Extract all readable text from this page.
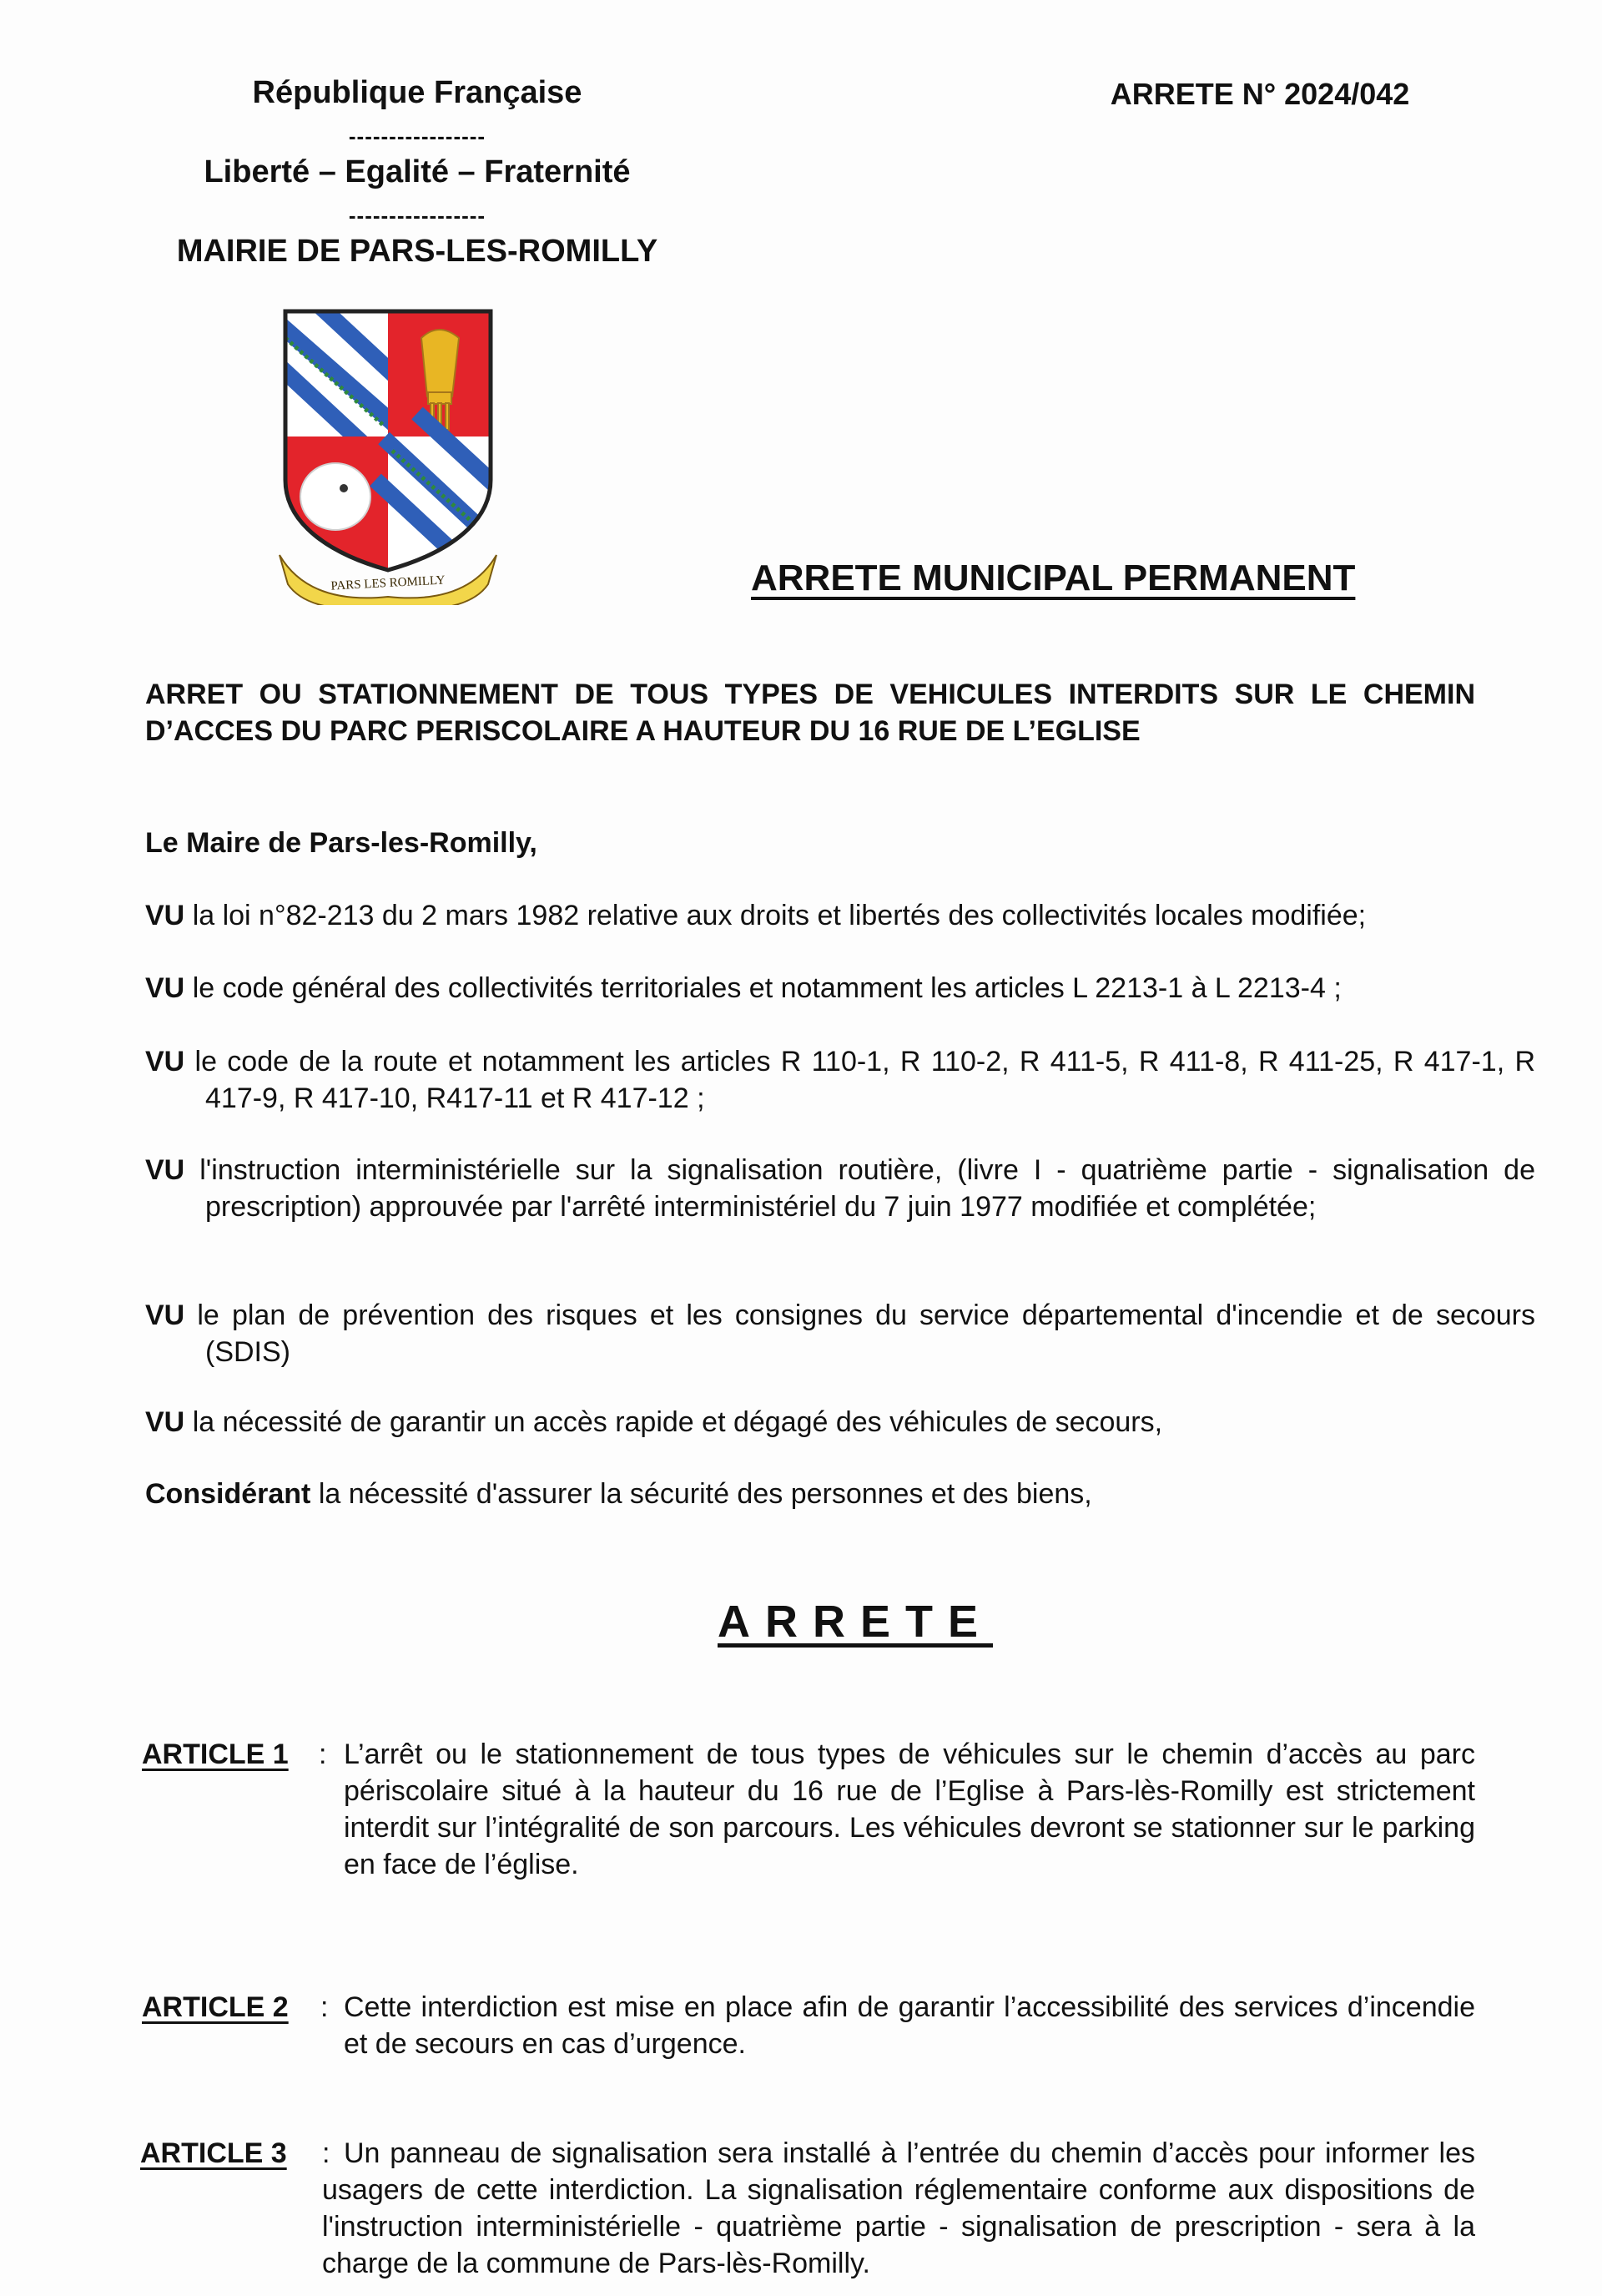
République Française
-----------------
Liberté – Egalité – Fraternité
-----------------
MAIRIE DE PARS-LES-ROMILLY
ARRETE N° 2024/042
PARS LES ROMILLY	ARRETE MUNICIPAL PERMANENT
ARRET OU STATIONNEMENT DE TOUS TYPES DE VEHICULES INTERDITS SUR LE CHEMIN D’ACCES DU PARC PERISCOLAIRE A HAUTEUR DU 16 RUE DE L’EGLISE
Le Maire de Pars-les-Romilly,
VU la loi n°82-213 du 2 mars 1982 relative aux droits et libertés des collectivités locales modifiée;
VU le code général des collectivités territoriales et notamment les articles L 2213-1 à L 2213-4 ;
VU le code de la route et notamment les articles R 110-1, R 110-2, R 411-5, R 411-8, R 411-25, R 417-1, R 417-9, R 417-10, R417-11 et R 417-12 ;
VU l'instruction interministérielle sur la signalisation routière, (livre I - quatrième partie - signalisation de prescription) approuvée par l'arrêté interministériel du 7 juin 1977 modifiée et complétée;
VU le plan de prévention des risques et les consignes du service départemental d'incendie et de secours (SDIS)
VU la nécessité de garantir un accès rapide et dégagé des véhicules de secours,
Considérant la nécessité d'assurer la sécurité des personnes et des biens,
ARRETE
ARTICLE 1 : L’arrêt ou le stationnement de tous types de véhicules sur le chemin d’accès au parc périscolaire situé à la hauteur du 16 rue de l’Eglise à Pars-lès-Romilly est strictement interdit sur l’intégralité de son parcours. Les véhicules devront se stationner sur le parking en face de l’église.
ARTICLE 2 : Cette interdiction est mise en place afin de garantir l’accessibilité des services d’incendie et de secours en cas d’urgence.
ARTICLE 3 : Un panneau de signalisation sera installé à l’entrée du chemin d’accès pour informer les usagers de cette interdiction. La signalisation réglementaire conforme aux dispositions de l'instruction interministérielle - quatrième partie - signalisation de prescription - sera à la charge de la commune de Pars-lès-Romilly.
